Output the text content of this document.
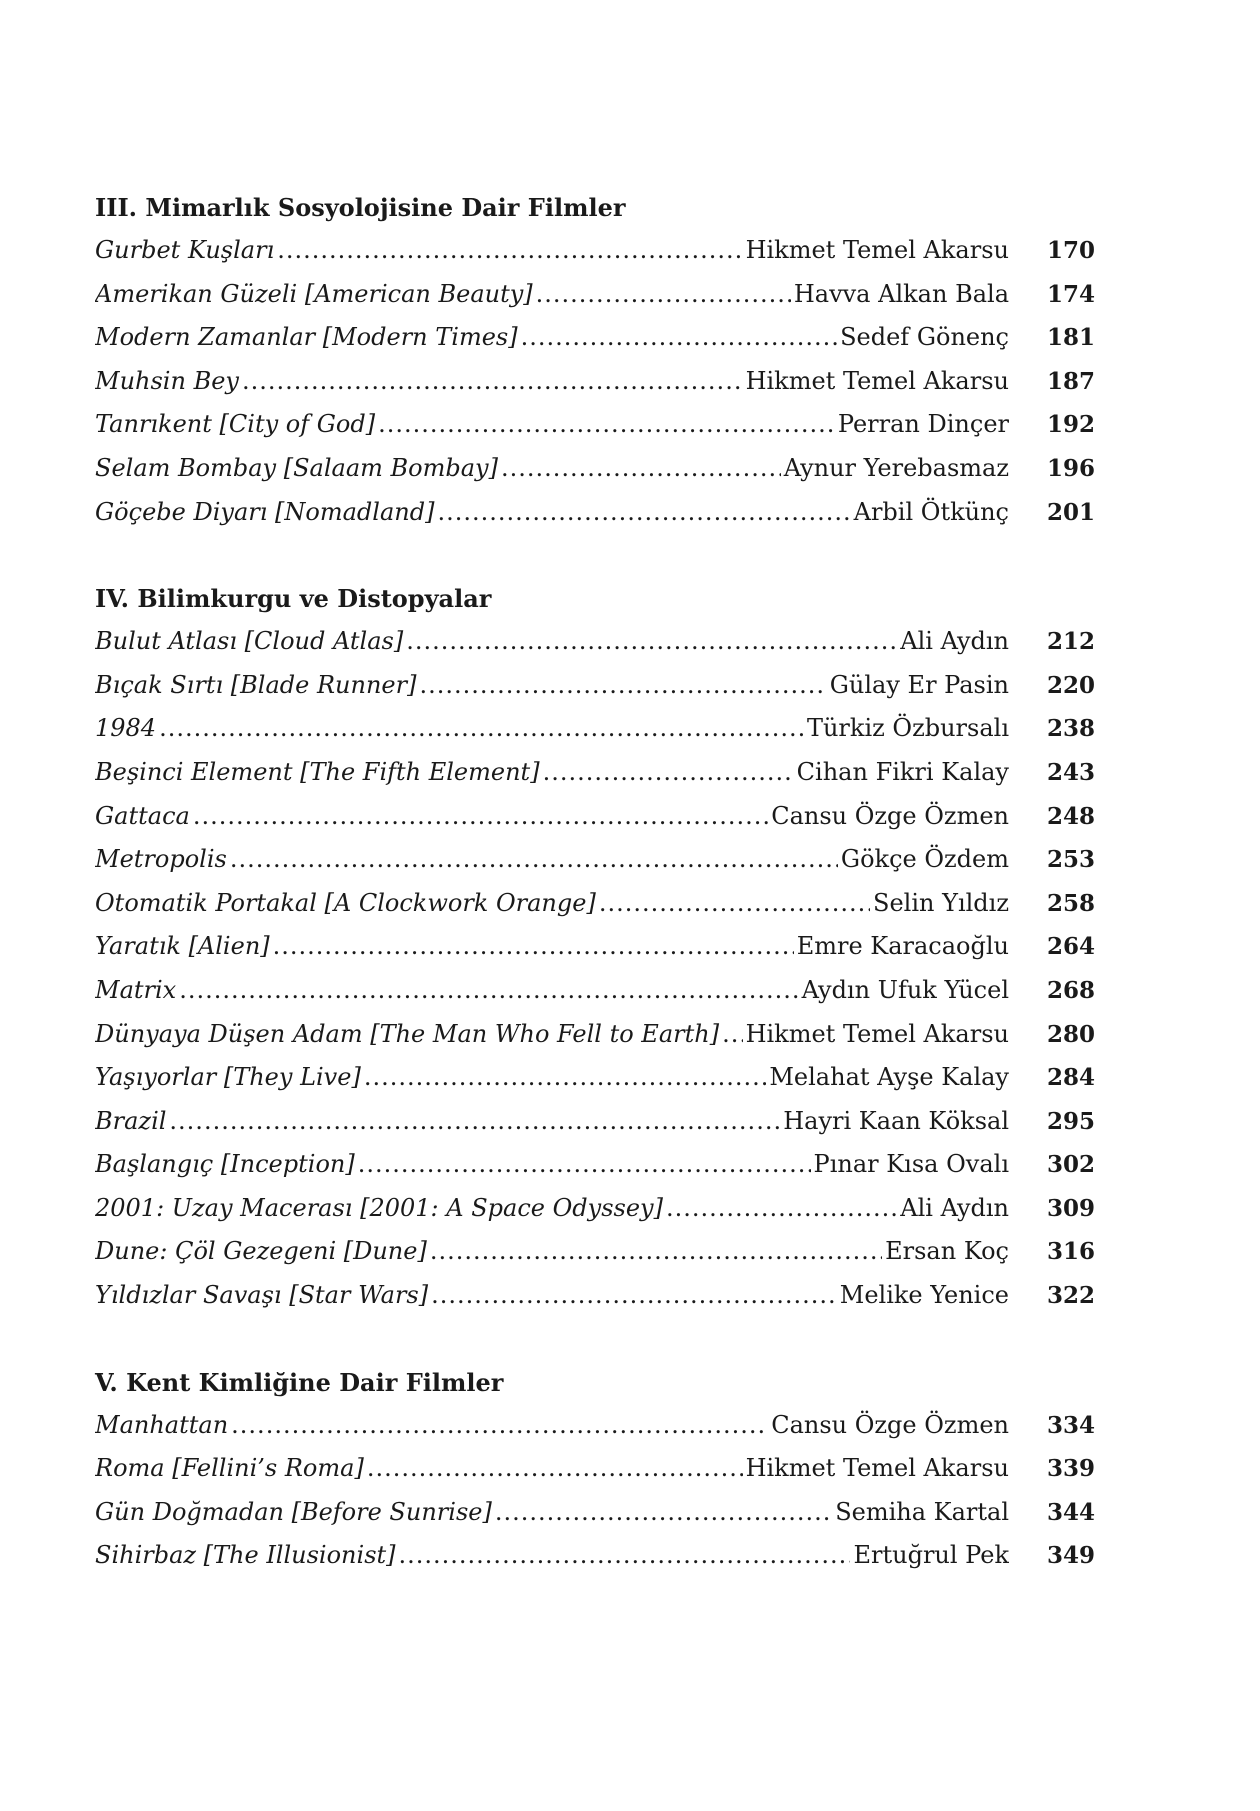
III. Mimarlık Sosyolojisine Dair Filmler
Gurbet Kuşları .....	Hikmet Temel Akarsu	170
Amerikan Güzeli [American Beauty] .....	Havva Alkan Bala	174
Modern Zamanlar [Modern Times] .....	Sedef Gönenç	181
Muhsin Bey .....	Hikmet Temel Akarsu	187
Tanrıkent [City of God] .....	Perran Dinçer	192
Selam Bombay [Salaam Bombay] .....	Aynur Yerebasmaz	196
Göçebe Diyarı [Nomadland] .....	Arbil Ötkünç	201
IV. Bilimkurgu ve Distopyalar
Bulut Atlası [Cloud Atlas] .....	Ali Aydın	212
Bıçak Sırtı [Blade Runner] .....	Gülay Er Pasin	220
1984 .....	Türkiz Özbursalı	238
Beşinci Element [The Fifth Element] .....	Cihan Fikri Kalay	243
Gattaca .....	Cansu Özge Özmen	248
Metropolis .....	Gökçe Özdem	253
Otomatik Portakal [A Clockwork Orange] .....	Selin Yıldız	258
Yaratık [Alien] .....	Emre Karacaoğlu	264
Matrix .....	Aydın Ufuk Yücel	268
Dünyaya Düşen Adam [The Man Who Fell to Earth] ..... Hikmet Temel Akarsu	280
Yaşıyorlar [They Live] .....	Melahat Ayşe Kalay	284
Brazil .....	Hayri Kaan Köksal	295
Başlangıç [Inception] .....	Pınar Kısa Ovalı	302
2001: Uzay Macerası [2001: A Space Odyssey] .....	Ali Aydın	309
Dune: Çöl Gezegeni [Dune] .....	Ersan Koç	316
Yıldızlar Savaşı [Star Wars] .....	Melike Yenice	322
V. Kent Kimliğine Dair Filmler
Manhattan .....	Cansu Özge Özmen	334
Roma [Fellini’s Roma] .....	Hikmet Temel Akarsu	339
Gün Doğmadan [Before Sunrise] .....	Semiha Kartal	344
Sihirbaz [The Illusionist] .....	Ertuğrul Pek	349
